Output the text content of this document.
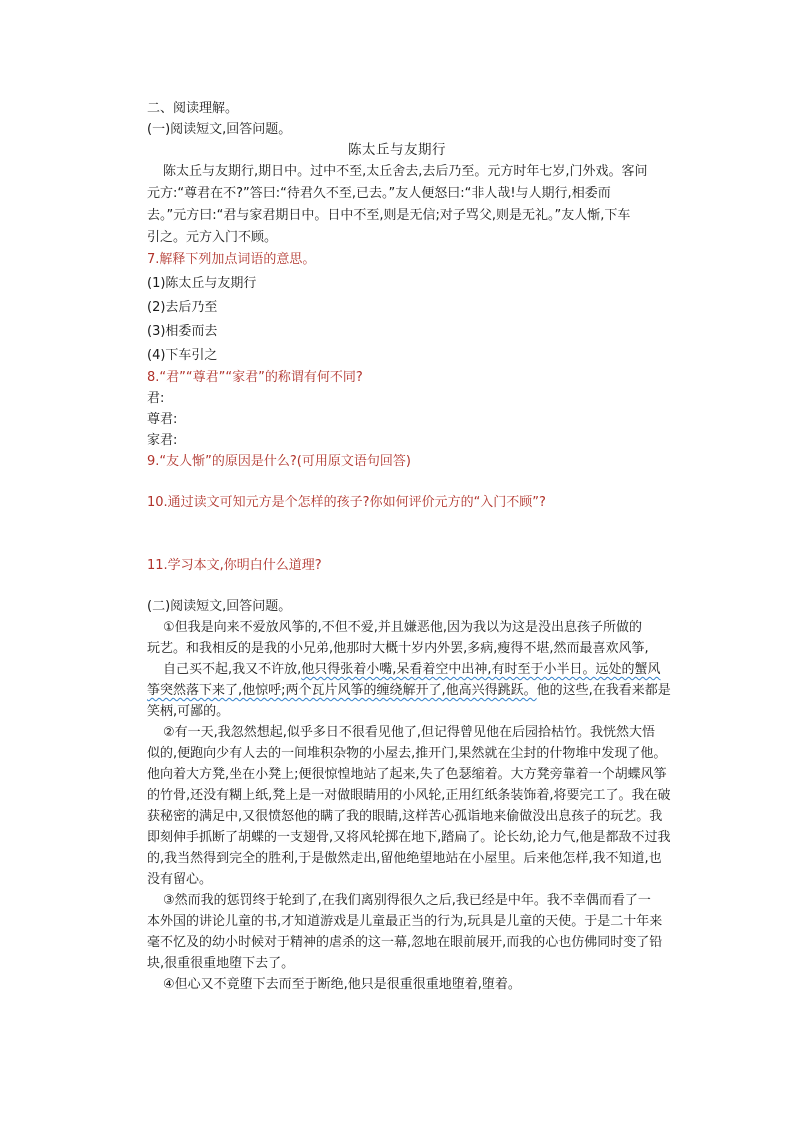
二、阅读理解。
(一)阅读短文,回答问题。
陈太丘与友期行
陈太丘与友期行,期日中。过中不至,太丘舍去,去后乃至。元方时年七岁,门外戏。客问
元方:“尊君在不?”答曰:“待君久不至,已去。”友人便怒曰:“非人哉!与人期行,相委而
去。”元方曰:“君与家君期日中。日中不至,则是无信;对子骂父,则是无礼。”友人惭,下车
引之。元方入门不顾。
7.解释下列加点词语的意思。
(1)陈太丘与友期行
(2)去后乃至
(3)相委而去
(4)下车引之
8.“君”“尊君”“家君”的称谓有何不同?
君:
尊君:
家君:
9.“友人惭”的原因是什么?(可用原文语句回答)
10.通过读文可知元方是个怎样的孩子?你如何评价元方的“入门不顾”?
11.学习本文,你明白什么道理?
(二)阅读短文,回答问题。
①但我是向来不爱放风筝的,不但不爱,并且嫌恶他,因为我以为这是没出息孩子所做的
玩艺。和我相反的是我的小兄弟,他那时大概十岁内外罢,多病,瘦得不堪,然而最喜欢风筝,
自己买不起,我又不许放,他只得张着小嘴,呆看着空中出神,有时至于小半日。远处的蟹风
筝突然落下来了,他惊呼;两个瓦片风筝的缠绕解开了,他高兴得跳跃。他的这些,在我看来都是
笑柄,可鄙的。
②有一天,我忽然想起,似乎多日不很看见他了,但记得曾见他在后园拾枯竹。我恍然大悟
似的,便跑向少有人去的一间堆积杂物的小屋去,推开门,果然就在尘封的什物堆中发现了他。
他向着大方凳,坐在小凳上;便很惊惶地站了起来,失了色瑟缩着。大方凳旁靠着一个胡蝶风筝
的竹骨,还没有糊上纸,凳上是一对做眼睛用的小风轮,正用红纸条装饰着,将要完工了。我在破
获秘密的满足中,又很愤怒他的瞒了我的眼睛,这样苦心孤诣地来偷做没出息孩子的玩艺。我
即刻伸手抓断了胡蝶的一支翅骨,又将风轮掷在地下,踏扁了。论长幼,论力气,他是都敌不过我
的,我当然得到完全的胜利,于是傲然走出,留他绝望地站在小屋里。后来他怎样,我不知道,也
没有留心。
③然而我的惩罚终于轮到了,在我们离别得很久之后,我已经是中年。我不幸偶而看了一
本外国的讲论儿童的书,才知道游戏是儿童最正当的行为,玩具是儿童的天使。于是二十年来
毫不忆及的幼小时候对于精神的虐杀的这一幕,忽地在眼前展开,而我的心也仿佛同时变了铅
块,很重很重地堕下去了。
④但心又不竟堕下去而至于断绝,他只是很重很重地堕着,堕着。
